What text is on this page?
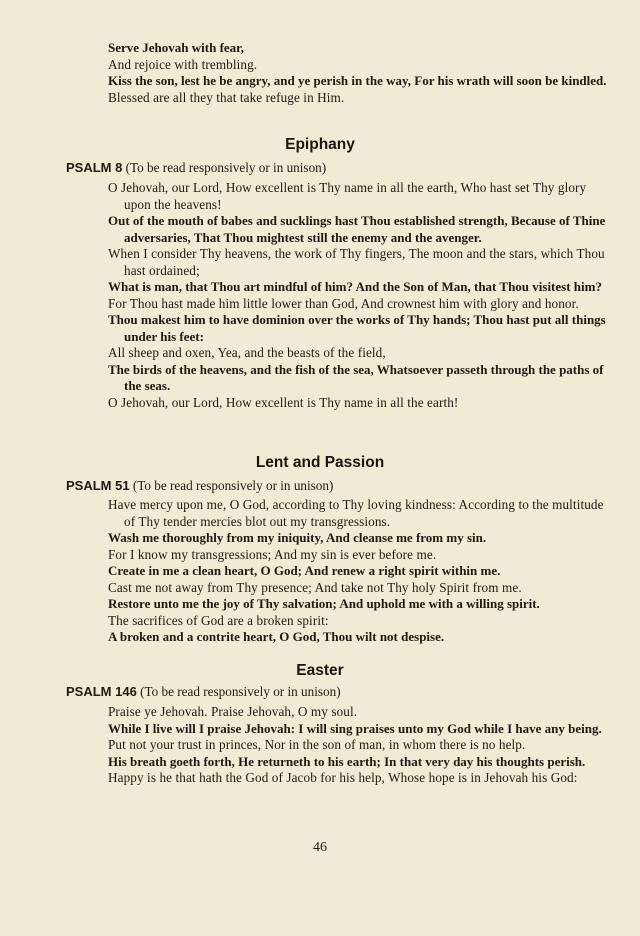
Serve Jehovah with fear,
And rejoice with trembling.
Kiss the son, lest he be angry, and ye perish in the way, For his wrath will soon be kindled.
Blessed are all they that take refuge in Him.
Epiphany
PSALM 8 (To be read responsively or in unison)
O Jehovah, our Lord, How excellent is Thy name in all the earth, Who hast set Thy glory upon the heavens!
Out of the mouth of babes and sucklings hast Thou established strength, Because of Thine adversaries, That Thou mightest still the enemy and the avenger.
When I consider Thy heavens, the work of Thy fingers, The moon and the stars, which Thou hast ordained;
What is man, that Thou art mindful of him? And the Son of Man, that Thou visitest him?
For Thou hast made him little lower than God, And crownest him with glory and honor.
Thou makest him to have dominion over the works of Thy hands; Thou hast put all things under his feet:
All sheep and oxen, Yea, and the beasts of the field,
The birds of the heavens, and the fish of the sea, Whatsoever passeth through the paths of the seas.
O Jehovah, our Lord, How excellent is Thy name in all the earth!
Lent and Passion
PSALM 51 (To be read responsively or in unison)
Have mercy upon me, O God, according to Thy loving kindness: According to the multitude of Thy tender mercies blot out my transgressions.
Wash me thoroughly from my iniquity, And cleanse me from my sin.
For I know my transgressions; And my sin is ever before me.
Create in me a clean heart, O God; And renew a right spirit within me.
Cast me not away from Thy presence; And take not Thy holy Spirit from me.
Restore unto me the joy of Thy salvation; And uphold me with a willing spirit.
The sacrifices of God are a broken spirit:
A broken and a contrite heart, O God, Thou wilt not despise.
Easter
PSALM 146 (To be read responsively or in unison)
Praise ye Jehovah. Praise Jehovah, O my soul.
While I live will I praise Jehovah: I will sing praises unto my God while I have any being.
Put not your trust in princes, Nor in the son of man, in whom there is no help.
His breath goeth forth, He returneth to his earth; In that very day his thoughts perish.
Happy is he that hath the God of Jacob for his help, Whose hope is in Jehovah his God:
46
